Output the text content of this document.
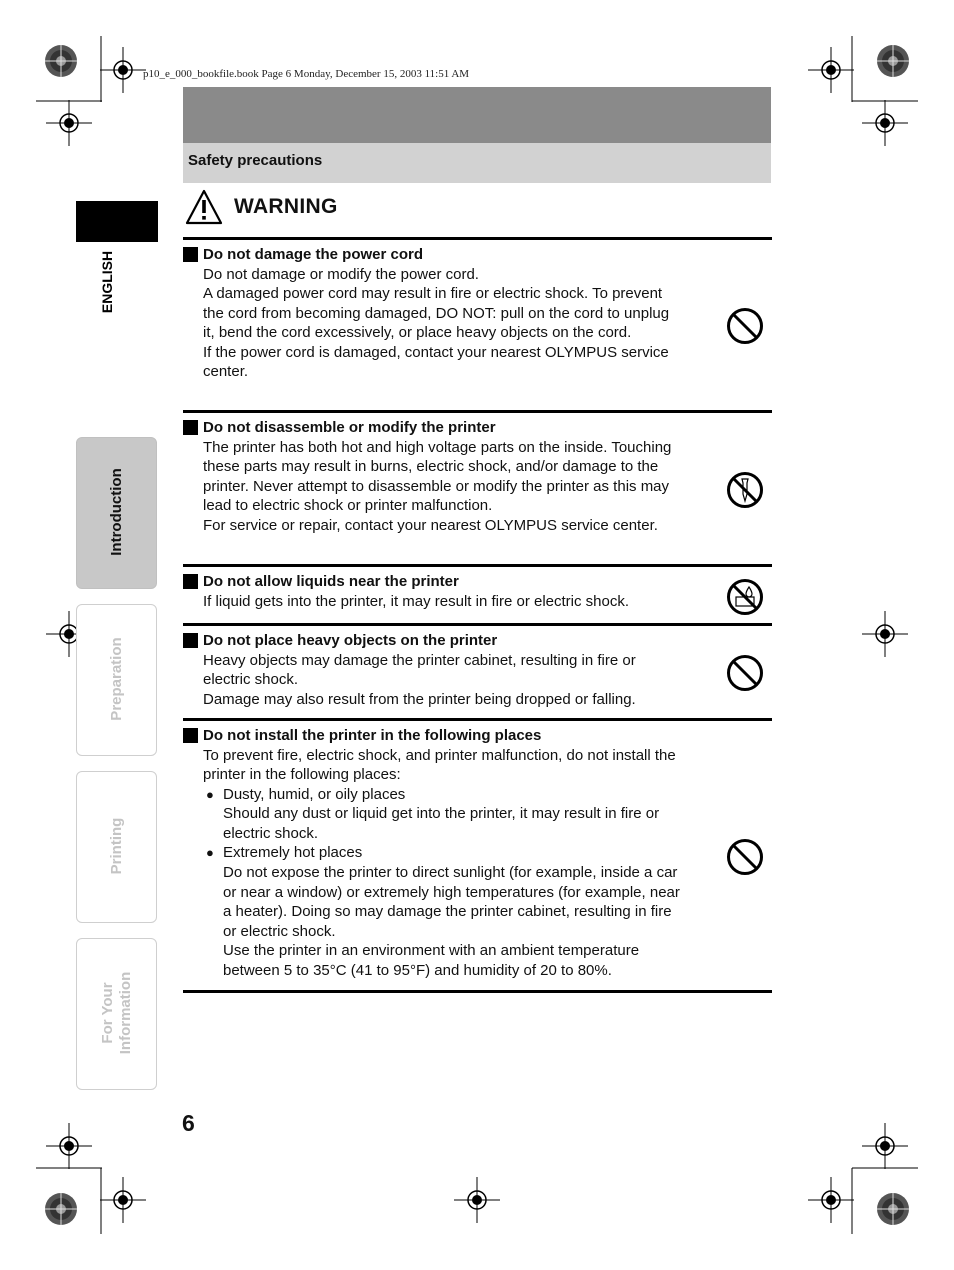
p10_e_000_bookfile.book Page 6 Monday, December 15, 2003 11:51 AM
Safety precautions
WARNING
ENGLISH
Introduction
Preparation
Printing
For Your Information
Do not damage the power cord

Do not damage or modify the power cord.

A damaged power cord may result in fire or electric shock. To prevent the cord from becoming damaged, DO NOT: pull on the cord to unplug it, bend the cord excessively, or place heavy objects on the cord.

If the power cord is damaged, contact your nearest OLYMPUS service center.

Do not disassemble or modify the printer

The printer has both hot and high voltage parts on the inside. Touching these parts may result in burns, electric shock, and/or damage to the printer. Never attempt to disassemble or modify the printer as this may lead to electric shock or printer malfunction.

For service or repair, contact your nearest OLYMPUS service center.

Do not allow liquids near the printer

If liquid gets into the printer, it may result in fire or electric shock.

Do not place heavy objects on the printer

Heavy objects may damage the printer cabinet, resulting in fire or electric shock.

Damage may also result from the printer being dropped or falling.

Do not install the printer in the following places

To prevent fire, electric shock, and printer malfunction, do not install the printer in the following places:

● Dusty, humid, or oily places

Should any dust or liquid get into the printer, it may result in fire or electric shock.

● Extremely hot places

Do not expose the printer to direct sunlight (for example, inside a car or near a window) or extremely high temperatures (for example, near a heater). Doing so may damage the printer cabinet, resulting in fire or electric shock.

Use the printer in an environment with an ambient temperature between 5 to 35°C (41 to 95°F) and humidity of 20 to 80%.

6
